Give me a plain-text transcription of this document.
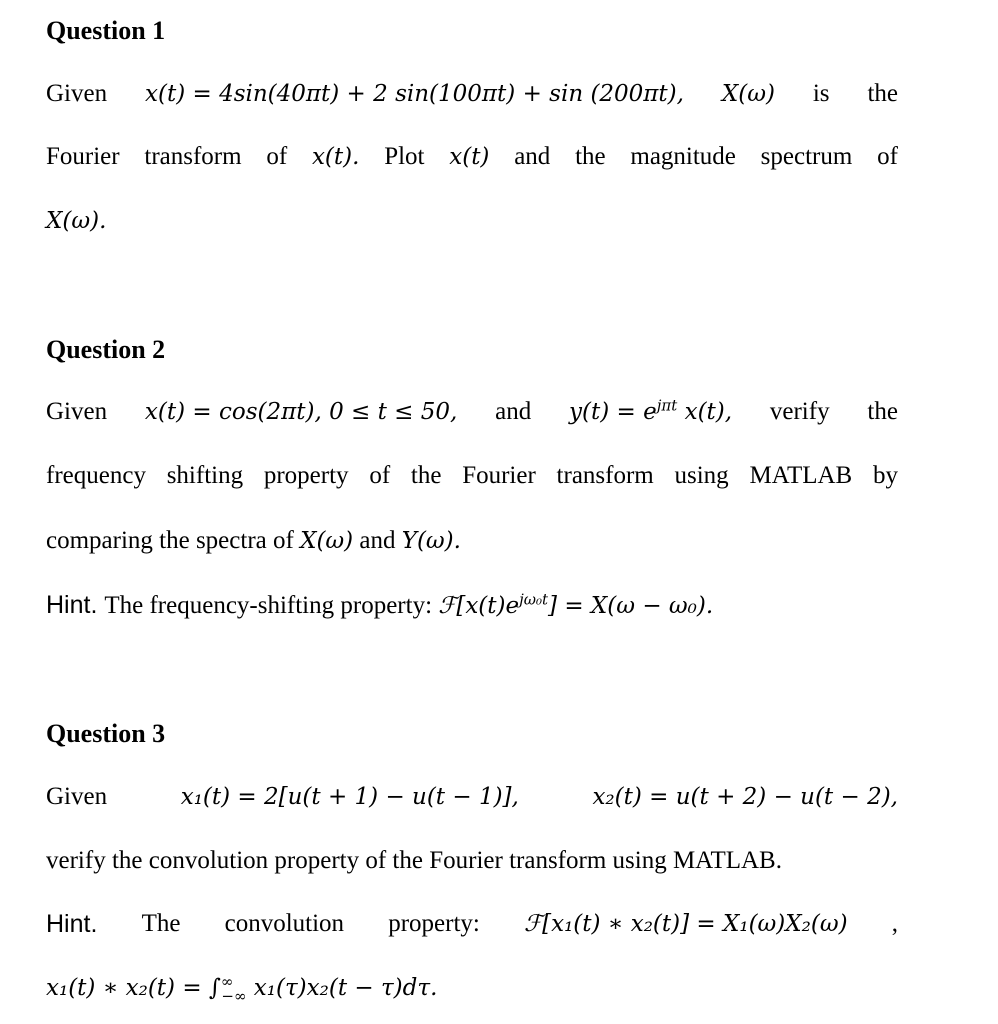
Question 1
Given x(t) = 4sin(40πt) + 2 sin(100πt) + sin (200πt), X(ω) is the
Fourier transform of x(t). Plot x(t) and the magnitude spectrum of
X(ω).
Question 2
Given x(t) = cos(2πt), 0 ≤ t ≤ 50, and $y(t) = e^{j\pi t}$ x(t), verify the
frequency shifting property of the Fourier transform using MATLAB by
comparing the spectra of X(ω) and Y(ω).
Hint. The frequency-shifting property: $ℱ[x(t)e^{j\omega_0t}] = X(\omega - \omega_0)$.
Question 3
Given	x₁(t) = 2[u(t + 1) − u(t − 1)],	x₂(t) = u(t + 2) − u(t − 2),
verify the convolution property of the Fourier transform using MATLAB.
Hint. The convolution property: ℱ[x₁(t) ∗ x₂(t)] = X₁(ω)X₂(ω) ,
x₁(t) ∗ $x_2(t) = \int^\infty_{-\infty}$ x₁(τ)x₂(t − τ)dτ.
